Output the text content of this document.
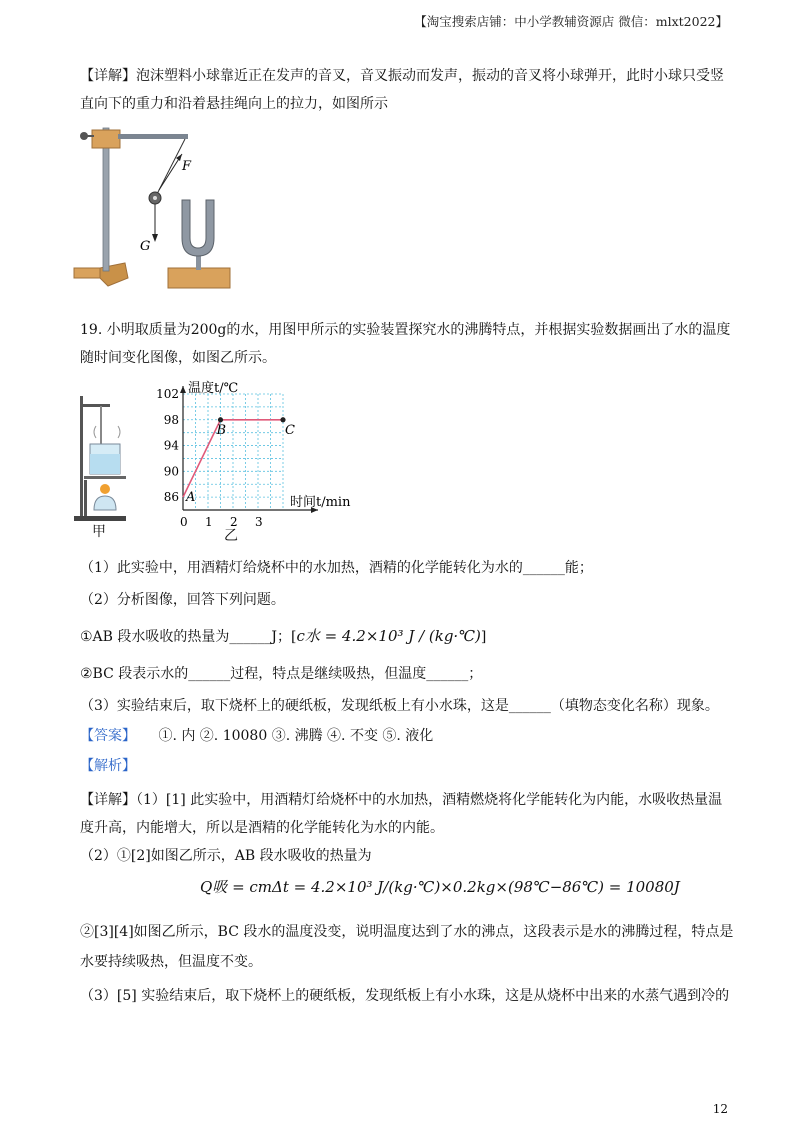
【淘宝搜索店铺：中小学教辅资源店 微信：mlxt2022】
【详解】泡沫塑料小球靠近正在发声的音叉，音叉振动而发声，振动的音叉将小球弹开，此时小球只受竖
直向下的重力和沿着悬挂绳向上的拉力，如图所示
F
G
19. 小明取质量为200g的水，用图甲所示的实验装置探究水的沸腾特点，并根据实验数据画出了水的温度
随时间变化图像，如图乙所示。
甲
86
90
94
98
102
0 1 2 3
A
B	C
温度t/℃
时间t/min
乙
（1）此实验中，用酒精灯给烧杯中的水加热，酒精的化学能转化为水的______能；
（2）分析图像，回答下列问题。
①AB 段水吸收的热量为______J；[c水 = 4.2×10³ J / (kg·℃)]
②BC 段表示水的______过程，特点是继续吸热，但温度______；
（3）实验结束后，取下烧杯上的硬纸板，发现纸板上有小水珠，这是______（填物态变化名称）现象。
【答案】 ①. 内 ②. 10080 ③. 沸腾 ④. 不变 ⑤. 液化
【解析】
【详解】（1）[1] 此实验中，用酒精灯给烧杯中的水加热，酒精燃烧将化学能转化为内能，水吸收热量温
度升高，内能增大，所以是酒精的化学能转化为水的内能。
（2）①[2]如图乙所示，AB 段水吸收的热量为
Q吸 = cmΔt = 4.2×10³ J/(kg·℃)×0.2kg×(98℃−86℃) = 10080J
②[3][4]如图乙所示，BC 段水的温度没变，说明温度达到了水的沸点，这段表示是水的沸腾过程，特点是
水要持续吸热，但温度不变。
（3）[5] 实验结束后，取下烧杯上的硬纸板，发现纸板上有小水珠，这是从烧杯中出来的水蒸气遇到冷的
12
